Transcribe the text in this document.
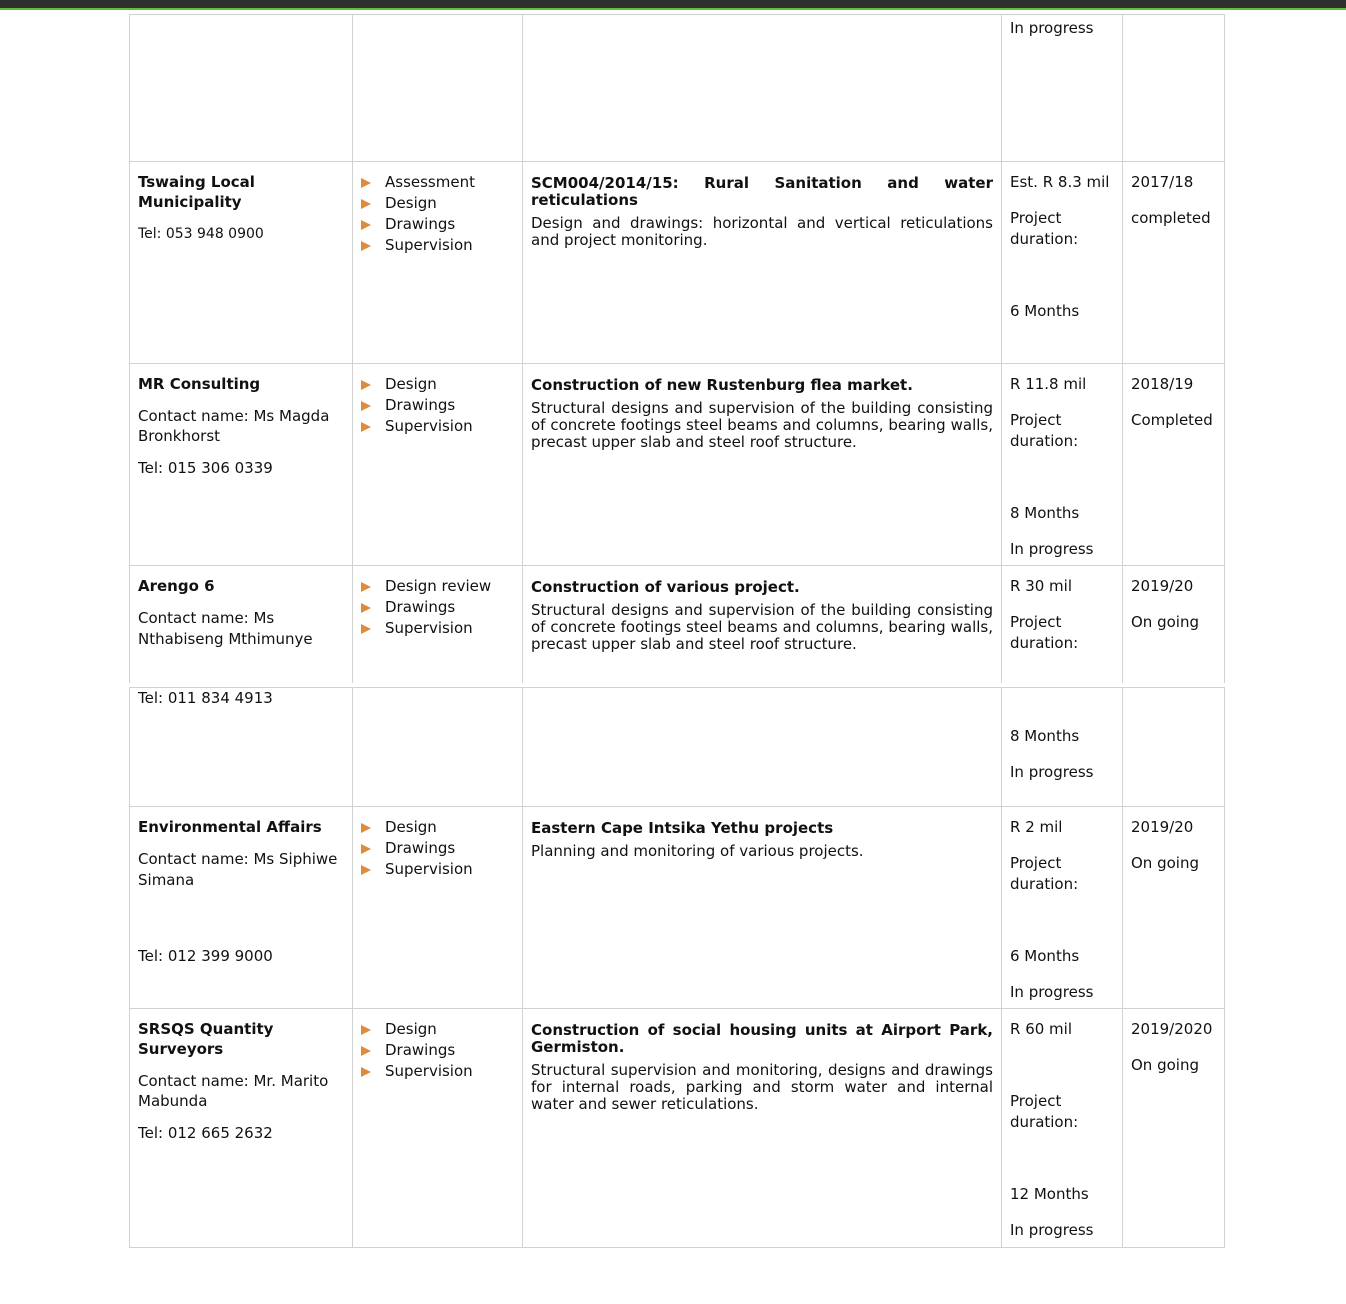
In progress
Tswaing Local Municipality
Tel: 053 948 0900
Assessment
Design
Drawings
Supervision
SCM004/2014/15: Rural Sanitation and water reticulations
Design and drawings: horizontal and vertical reticulations and project monitoring.
Est. R 8.3 mil
Project duration:
6 Months
2017/18
completed
MR Consulting
Contact name: Ms Magda Bronkhorst
Tel: 015 306 0339
Design
Drawings
Supervision
Construction of new Rustenburg flea market.
Structural designs and supervision of the building consisting of concrete footings steel beams and columns, bearing walls, precast upper slab and steel roof structure.
R 11.8 mil
Project duration:
8 Months
In progress
2018/19
Completed
Arengo 6
Contact name: Ms Nthabiseng Mthimunye
Design review
Drawings
Supervision
Construction of various project.
Structural designs and supervision of the building consisting of concrete footings steel beams and columns, bearing walls, precast upper slab and steel roof structure.
R 30 mil
Project duration:
2019/20
On going
Tel: 011 834 4913
8 Months
In progress
Environmental Affairs
Contact name: Ms Siphiwe Simana
Tel: 012 399 9000
Design
Drawings
Supervision
Eastern Cape Intsika Yethu projects
Planning and monitoring of various projects.
R 2 mil
Project duration:
6 Months
In progress
2019/20
On going
SRSQS Quantity Surveyors
Contact name: Mr. Marito Mabunda
Tel: 012 665 2632
Design
Drawings
Supervision
Construction of social housing units at Airport Park, Germiston.
Structural supervision and monitoring, designs and drawings for internal roads, parking and storm water and internal water and sewer reticulations.
R 60 mil
Project duration:
12 Months
In progress
2019/2020
On going
